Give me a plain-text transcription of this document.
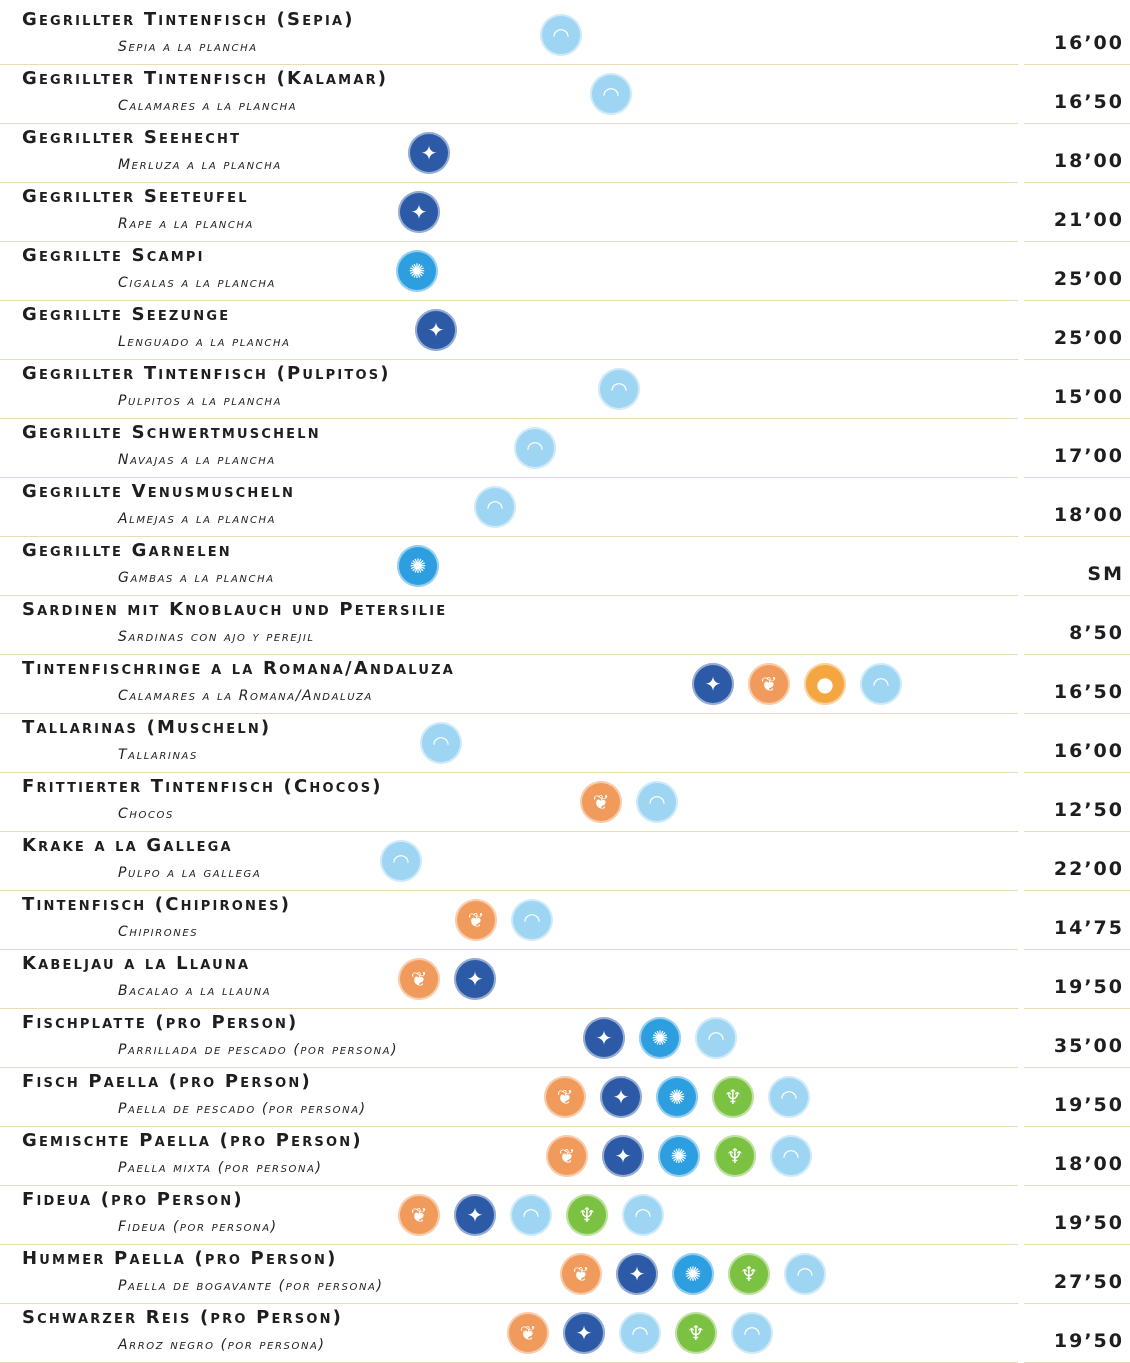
Gegrillter Tintenfisch (Sepia)
Sepia a la plancha	◠	16’00
Gegrillter Tintenfisch (Kalamar)
Calamares a la plancha	◠	16’50
Gegrillter Seehecht
Merluza a la plancha	✦	18’00
Gegrillter Seeteufel
Rape a la plancha	✦	21’00
Gegrillte Scampi
Cigalas a la plancha	✺	25’00
Gegrillte Seezunge
Lenguado a la plancha	✦	25’00
Gegrillter Tintenfisch (Pulpitos)
Pulpitos a la plancha	◠	15’00
Gegrillte Schwertmuscheln
Navajas a la plancha	◠	17’00
Gegrillte Venusmuscheln
Almejas a la plancha	◠	18’00
Gegrillte Garnelen
Gambas a la plancha	✺	SM
Sardinen mit Knoblauch und Petersilie
Sardinas con ajo y perejil	8’50
Tintenfischringe a la Romana/Andaluza
Calamares a la Romana/Andaluza	✦	❦	●	◠	16’50
Tallarinas (Muscheln)
Tallarinas	◠	16’00
Frittierter Tintenfisch (Chocos)
Chocos	❦	◠	12’50
Krake a la Gallega
Pulpo a la gallega	◠	22’00
Tintenfisch (Chipirones)
Chipirones	❦	◠	14’75
Kabeljau a la Llauna
Bacalao a la llauna	❦	✦	19’50
Fischplatte (pro Person)
Parrillada de pescado (por persona)	✦	✺	◠	35’00
Fisch Paella (pro Person)
Paella de pescado (por persona)	❦	✦	✺	♆	◠	19’50
Gemischte Paella (pro Person)
Paella mixta (por persona)	❦	✦	✺	♆	◠	18’00
Fideua (pro Person)
Fideua (por persona)	❦	✦	◠	♆	◠	19’50
Hummer Paella (pro Person)
Paella de bogavante (por persona)	❦	✦	✺	♆	◠	27’50
Schwarzer Reis (pro Person)
Arroz negro (por persona)	❦	✦	◠	♆	◠	19’50
